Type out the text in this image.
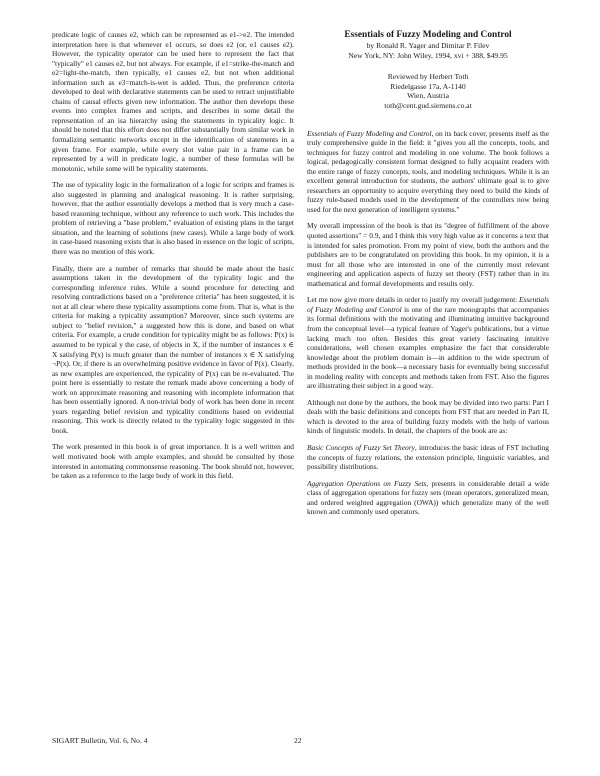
predicate logic of causes e2, which can be represented as e1->e2. The intended interpretation here is that whenever e1 occurs, so does e2 (or, e1 causes e2). However, the typicality operator can be used here to represent the fact that "typically" e1 causes e2, but not always. For example, if e1=strike-the-match and e2=light-the-match, then typically, e1 causes e2, but not when additional information such as e3=match-is-wet is added. Thus, the preference criteria developed to deal with declarative statements can be used to retract unjustifiable chains of causal effects given new information. The author then develops these events into complex frames and scripts, and describes in some detail the representation of an isa hierarchy using the statements in typicality logic. It should be noted that this effort does not differ substantially from similar work in formalizing semantic networks except in the identification of statements in a given frame. For example, while every slot value pair in a frame can be represented by a will in predicate logic, a number of these formulas will be monotonic, while some will be typicality statements.

The use of typicality logic in the formalization of a logic for scripts and frames is also suggested in planning and analogical reasoning. It is rather surprising, however, that the author essentially develops a method that is very much a case-based reasoning technique, without any reference to such work. This includes the problem of retrieving a "base problem," evaluation of existing plans in the target situation, and the learning of solutions (new cases). While a large body of work in case-based reasoning exists that is also based in essence on the logic of scripts, there was no mention of this work.

Finally, there are a number of remarks that should be made about the basic assumptions taken in the development of the typicality logic and the corresponding inference rules. While a sound procedure for detecting and resolving contradictions based on a "preference criteria" has been suggested, it is not at all clear where these typicality assumptions come from. That is, what is the criteria for making a typicality assumption? Moreover, since such systems are subject to "belief revision," a suggested how this is done, and based on what criteria. For example, a crude condition for typicality might be as follows: P(x) is assumed to be typical y the case, of objects in X, if the number of instances x ∈ X satisfying P(x) is much greater than the number of instances x ∈ X satisfying ¬P(x). Or, if there is an overwhelming positive evidence in favor of P(x). Clearly, as new examples are experienced, the typicality of P(x) can be re-evaluated. The point here is essentially to restate the remark made above concerning a body of work on approximate reasoning and reasoning with incomplete information that has been essentially ignored. A non-trivial body of work has been done in recent years regarding belief revision and typicality conditions based on evidential reasoning. This work is directly related to the typicality logic suggested in this book.

The work presented in this book is of great importance. It is a well written and well motivated book with ample examples, and should be consulted by those interested in automating commonsense reasoning. The book should not, however, be taken as a reference to the large body of work in this field.

Essentials of Fuzzy Modeling and Control
by Ronald R. Yager and Dimitar P. Filev
New York, NY: John Wiley, 1994, xvi + 388, $49.95
Reviewed by Herbert Toth
Riedelgasse 17a, A-1140
Wien, Austria
toth@cent.gud.siemens.co.at

Essentials of Fuzzy Modeling and Control, on its back cover, presents itself as the truly comprehensive guide in the field: it "gives you all the concepts, tools, and techniques for fuzzy control and modeling in one volume. The book follows a logical, pedagogically consistent format designed to fully acquaint readers with the entire range of fuzzy concepts, tools, and modeling techniques. While it is an excellent general introduction for students, the authors' ultimate goal is to give researchers an opportunity to acquire everything they need to build the kinds of fuzzy rule-based models used in the development of the controllers now being used for the next generation of intelligent systems."

My overall impression of the book is that its "degree of fulfillment of the above quoted assertions" = 0.9, and I think this very high value as it concerns a text that is intended for sales promotion. From my point of view, both the authors and the publishers are to be congratulated on providing this book. In my opinion, it is a must for all those who are interested in one of the currently most relevant engineering and application aspects of fuzzy set theory (FST) rather than in its mathematical and formal developments and results only.

Let me now give more details in order to justify my overall judgement: Essentials of Fuzzy Modeling and Control is one of the rare monographs that accompanies its formal definitions with the motivating and illuminating intuitive background from the conceptual level—a typical feature of Yager's publications, but a virtue lacking much too often. Besides this great variety fascinating intuitive considerations, well chosen examples emphasize the fact that considerable knowledge about the problem domain is—in addition to the wide spectrum of methods provided in the book—a necessary basis for eventually being successful in modeling reality with concepts and methods taken from FST. Also the figures are illustrating their subject in a good way.

Although not done by the authors, the book may be divided into two parts: Part I deals with the basic definitions and concepts from FST that are needed in Part II, which is devoted to the area of building fuzzy models with the help of various kinds of linguistic models. In detail, the chapters of the book are as:

Basic Concepts of Fuzzy Set Theory, introduces the basic ideas of FST including the concepts of fuzzy relations, the extension principle, linguistic variables, and possibility distributions.

Aggregation Operations on Fuzzy Sets, presents in considerable detail a wide class of aggregation operations for fuzzy sets (mean operators, generalized mean, and ordered weighted aggregation (OWA)) which generalize many of the well known and commonly used operators.

SIGART Bulletin, Vol. 6, No. 4	22
